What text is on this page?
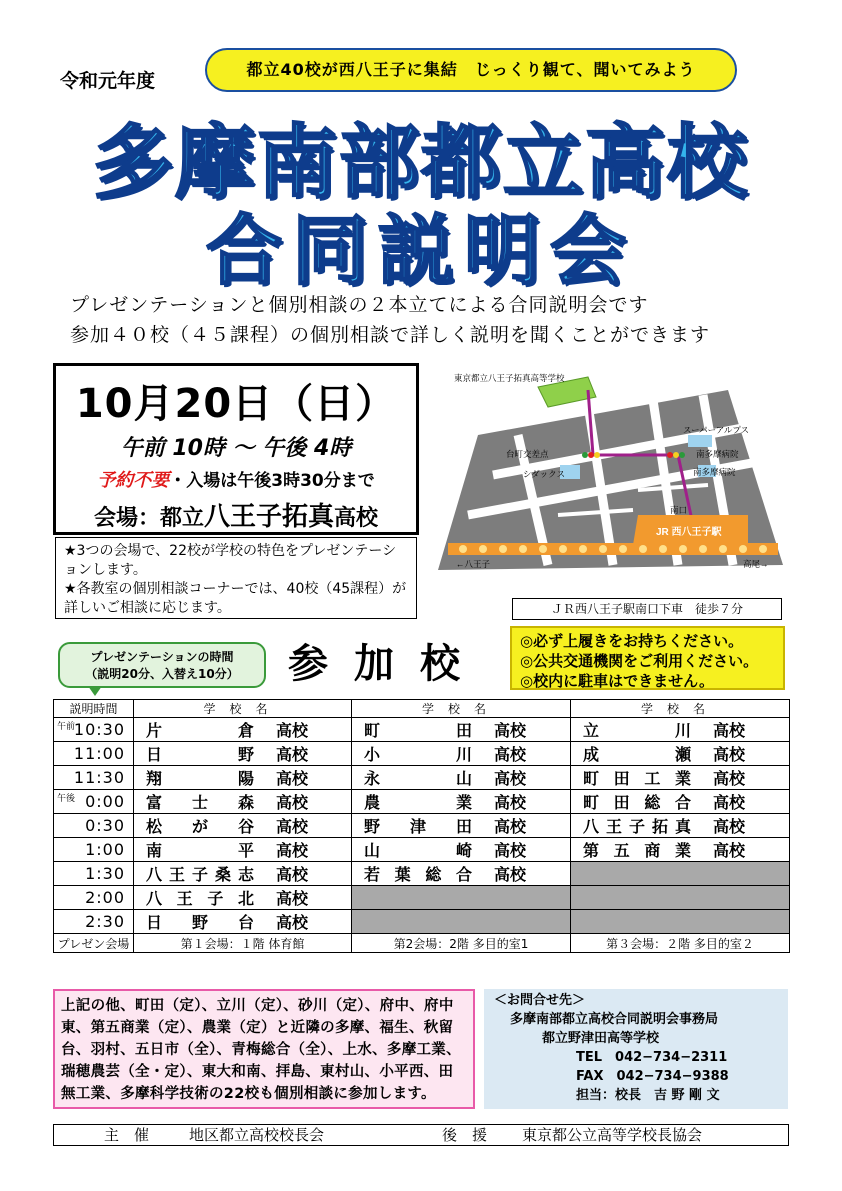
令和元年度
都立40校が西八王子に集結　じっくり観て、聞いてみよう
多摩南部都立高校
合同説明会
プレゼンテーションと個別相談の２本立てによる合同説明会です
参加４０校（４５課程）の個別相談で詳しく説明を聞くことができます
10月20日（日）
午前 10時 〜 午後 4時
予約不要・入場は午後3時30分まで
会場：都立八王子拓真高校
★3つの会場で、22校が学校の特色をプレゼンテーションします。
★各教室の個別相談コーナーでは、40校（45課程）が詳しいご相談に応じます。
東京都立八王子拓真高等学校
台町交差点
シダックス
スーパーアルプス
南多摩病院
南多摩病院
南口
←八王子	高尾→
JR 西八王子駅
ＪＲ西八王子駅南口下車　徒歩７分
プレゼンテーションの時間
（説明20分、入替え10分）	参加校 ◎必ず上履きをお持ちください。
◎公共交通機関をご利用ください。
◎校内に駐車はできません。
説明時間	学校名	学校名	学校名

午前
10:30	片倉 高校	町田 高校	立川 高校
11:00	日野 高校	小川 高校	成瀬 高校
11:30	翔陽 高校	永山 高校	町田工業 高校

午後 0:00	富士森 高校	農業 高校	町田総合 高校
0:30	松が谷 高校	野津田 高校	八王子拓真 高校
1:00	南平 高校	山崎 高校	第五商業 高校
1:30	八王子桑志 高校	若葉総合 高校	
2:00	八王子北 高校		
2:30	日野台 高校		
プレゼン会場	第１会場：１階 体育館	第2会場：2階 多目的室1	第３会場：２階 多目的室２
上記の他、町田（定）、立川（定）、砂川（定）、府中、府中東、第五商業（定）、農業（定）と近隣の多摩、福生、秋留台、羽村、五日市（全）、青梅総合（全）、上水、多摩工業、瑞穂農芸（全・定）、東大和南、拝島、東村山、小平西、田無工業、多摩科学技術の22校も個別相談に参加します。
＜お問合せ先＞
多摩南部都立高校合同説明会事務局
都立野津田高等学校
TEL　042−734−2311
FAX　042−734−9388
担当：校長　吉 野 剛 文
主　催	地区都立高校校長会	後　援 東京都公立高等学校長協会
